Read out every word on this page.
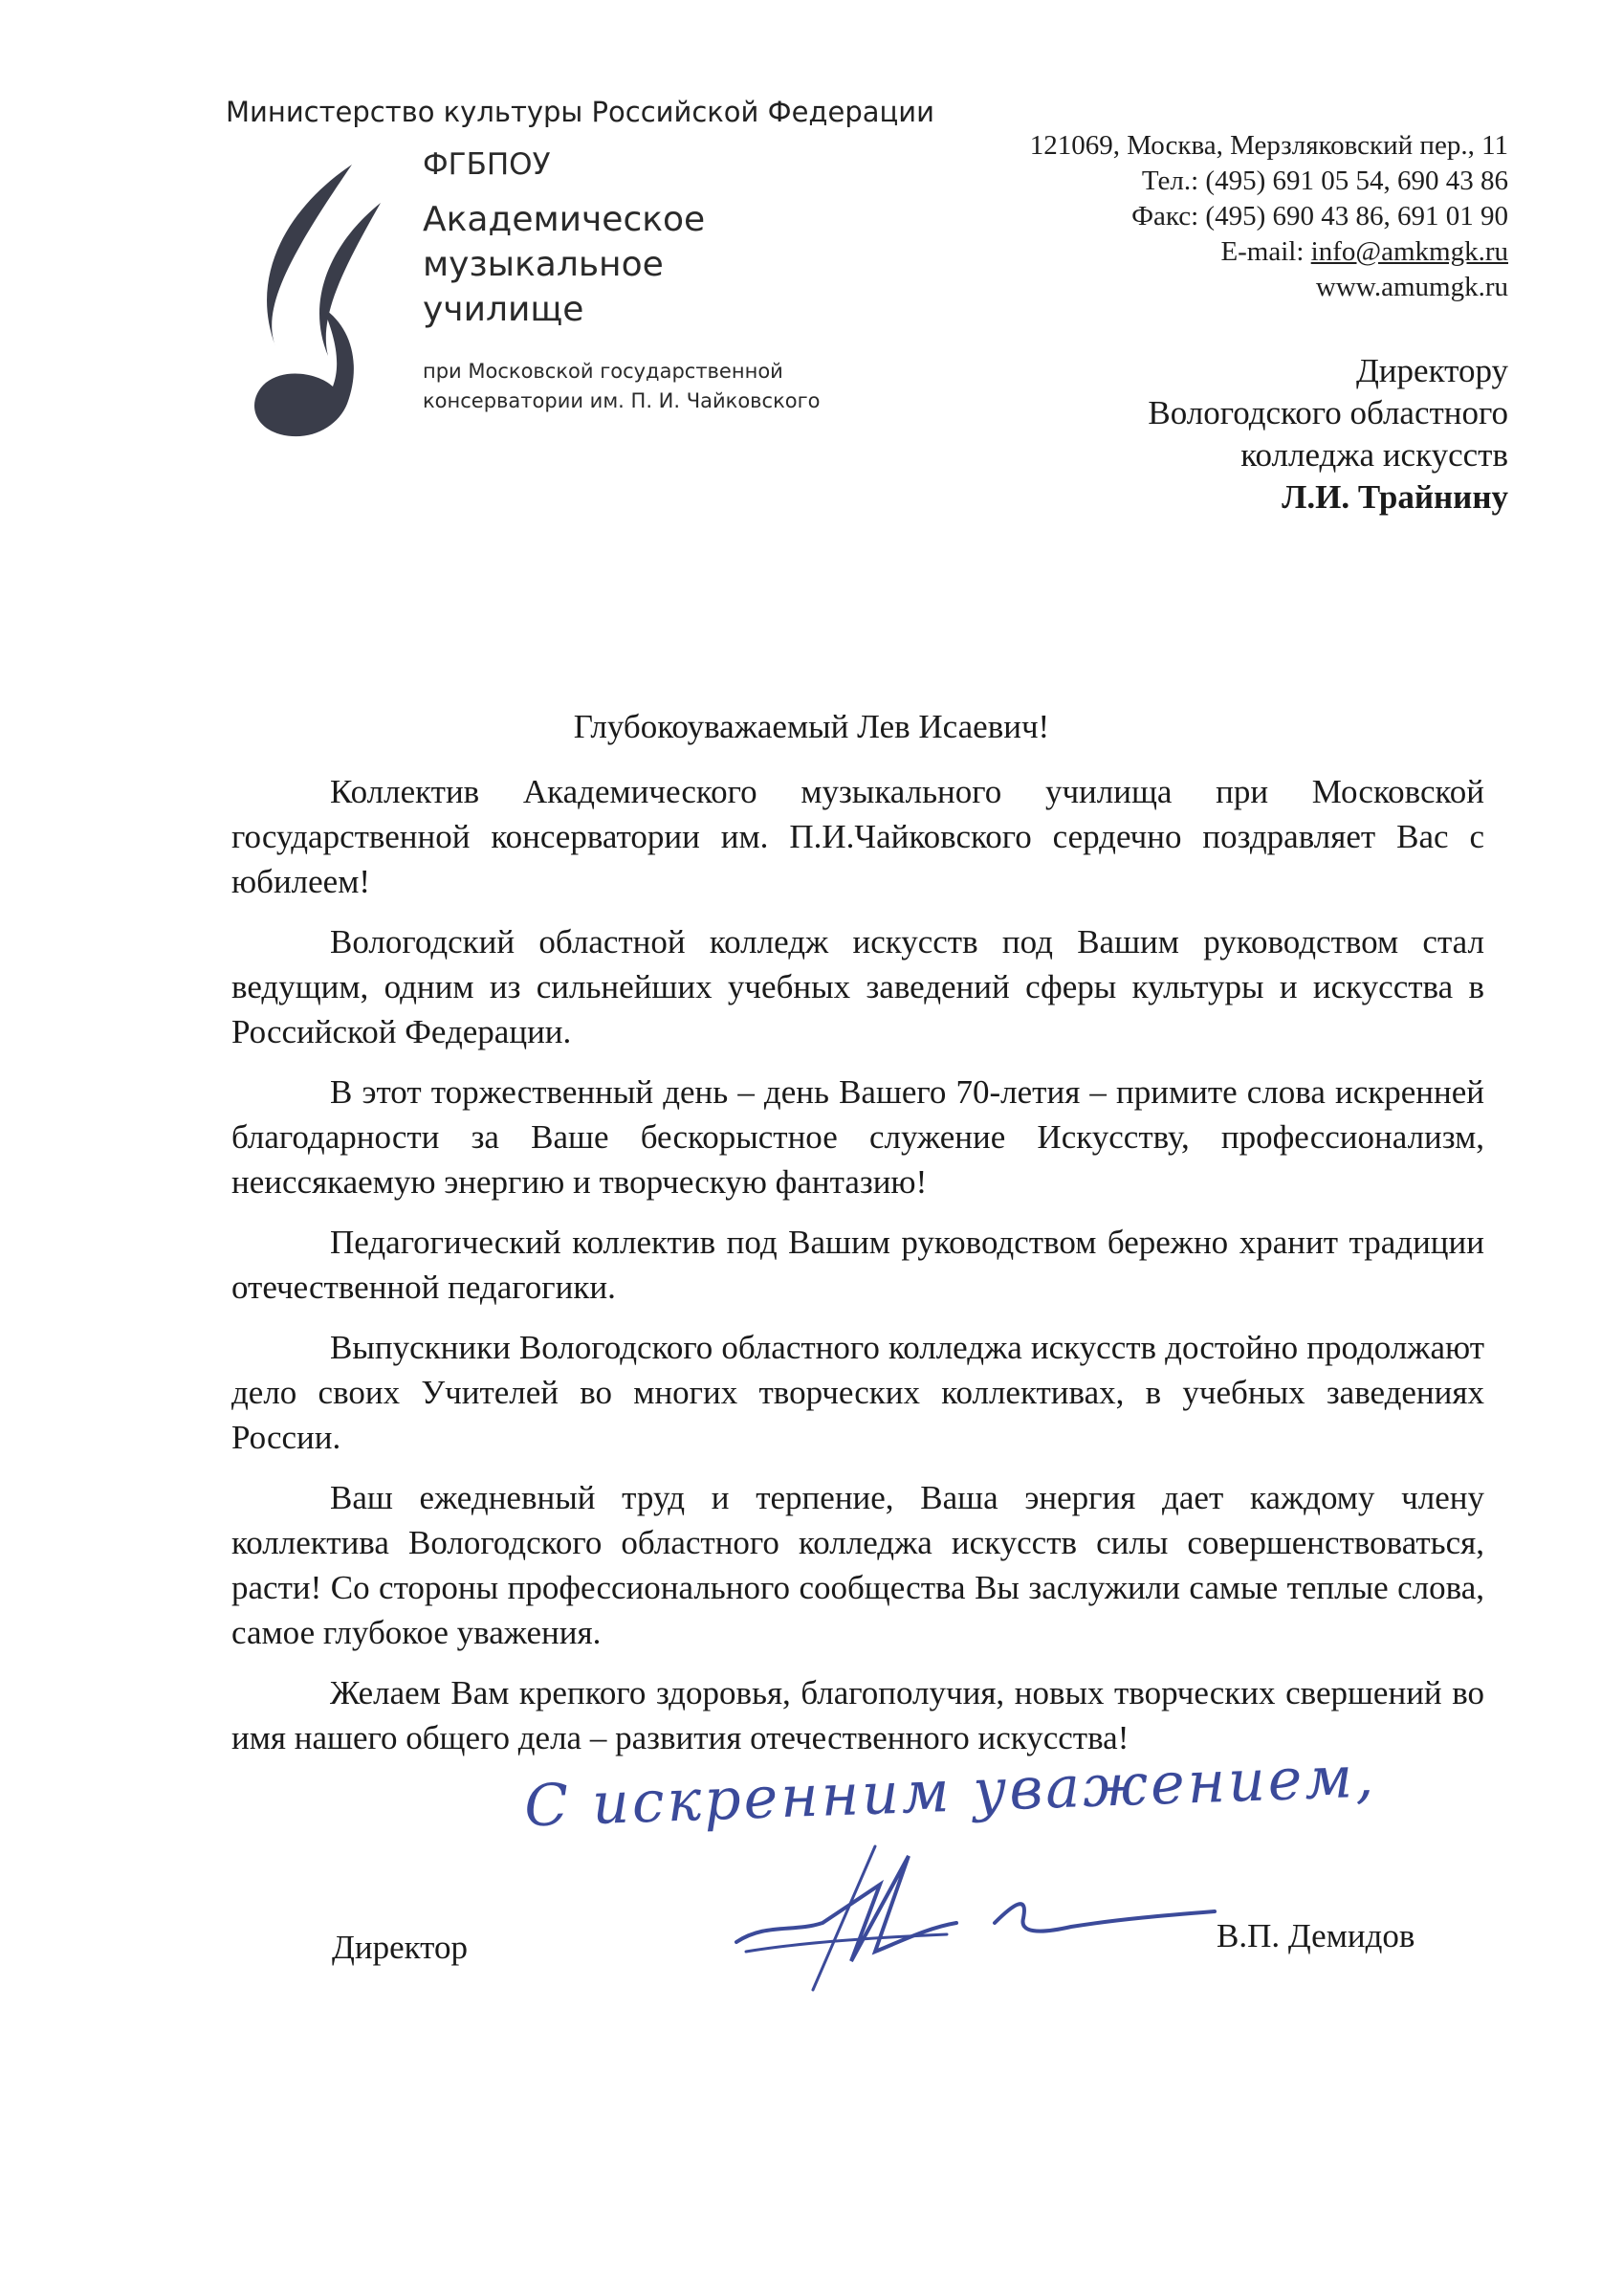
Министерство культуры Российской Федерации
ФГБПОУ
Академическое
музыкальное
училище
при Московской государственной
консерватории им. П. И. Чайковского
121069, Москва, Мерзляковский пер., 11
Тел.: (495) 691 05 54, 690 43 86
Факс: (495) 690 43 86, 691 01 90
E-mail: info@amkmgk.ru
www.amumgk.ru
Директору
Вологодского областного
колледжа искусств
Л.И. Трайнину
Глубокоуважаемый Лев Исаевич!

Коллектив Академического музыкального училища при Московской государственной консерватории им. П.И.Чайковского сердечно поздравляет Вас с юбилеем!

Вологодский областной колледж искусств под Вашим руководством стал ведущим, одним из сильнейших учебных заведений сферы культуры и искусства в Российской Федерации.

В этот торжественный день – день Вашего 70-летия – примите слова искренней благодарности за Ваше бескорыстное служение Искусству, профессионализм, неиссякаемую энергию и творческую фантазию!

Педагогический коллектив под Вашим руководством бережно хранит традиции отечественной педагогики.

Выпускники Вологодского областного колледжа искусств достойно продолжают дело своих Учителей во многих творческих коллективах, в учебных заведениях России.

Ваш ежедневный труд и терпение, Ваша энергия дает каждому члену коллектива Вологодского областного колледжа искусств силы совершенствоваться, расти! Со стороны профессионального сообщества Вы заслужили самые теплые слова, самое глубокое уважения.

Желаем Вам крепкого здоровья, благополучия, новых творческих свершений во имя нашего общего дела – развития отечественного искусства!

С искренним уважением,
Директор	В.П. Демидов
